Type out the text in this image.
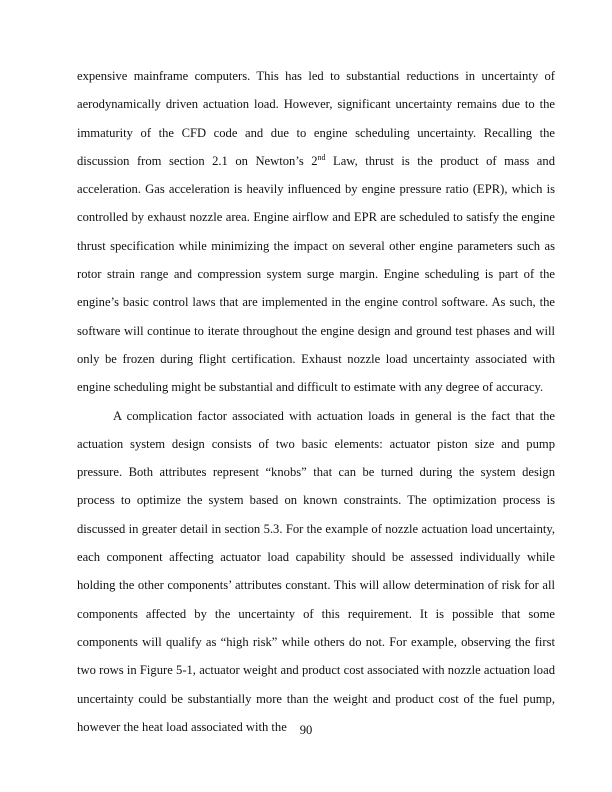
expensive mainframe computers. This has led to substantial reductions in uncertainty of aerodynamically driven actuation load. However, significant uncertainty remains due to the immaturity of the CFD code and due to engine scheduling uncertainty. Recalling the discussion from section 2.1 on Newton’s 2nd Law, thrust is the product of mass and acceleration. Gas acceleration is heavily influenced by engine pressure ratio (EPR), which is controlled by exhaust nozzle area. Engine airflow and EPR are scheduled to satisfy the engine thrust specification while minimizing the impact on several other engine parameters such as rotor strain range and compression system surge margin. Engine scheduling is part of the engine’s basic control laws that are implemented in the engine control software. As such, the software will continue to iterate throughout the engine design and ground test phases and will only be frozen during flight certification. Exhaust nozzle load uncertainty associated with engine scheduling might be substantial and difficult to estimate with any degree of accuracy.

A complication factor associated with actuation loads in general is the fact that the actuation system design consists of two basic elements: actuator piston size and pump pressure. Both attributes represent “knobs” that can be turned during the system design process to optimize the system based on known constraints. The optimization process is discussed in greater detail in section 5.3. For the example of nozzle actuation load uncertainty, each component affecting actuator load capability should be assessed individually while holding the other components’ attributes constant. This will allow determination of risk for all components affected by the uncertainty of this requirement. It is possible that some components will qualify as “high risk” while others do not. For example, observing the first two rows in Figure 5-1, actuator weight and product cost associated with nozzle actuation load uncertainty could be substantially more than the weight and product cost of the fuel pump, however the heat load associated with the	90
